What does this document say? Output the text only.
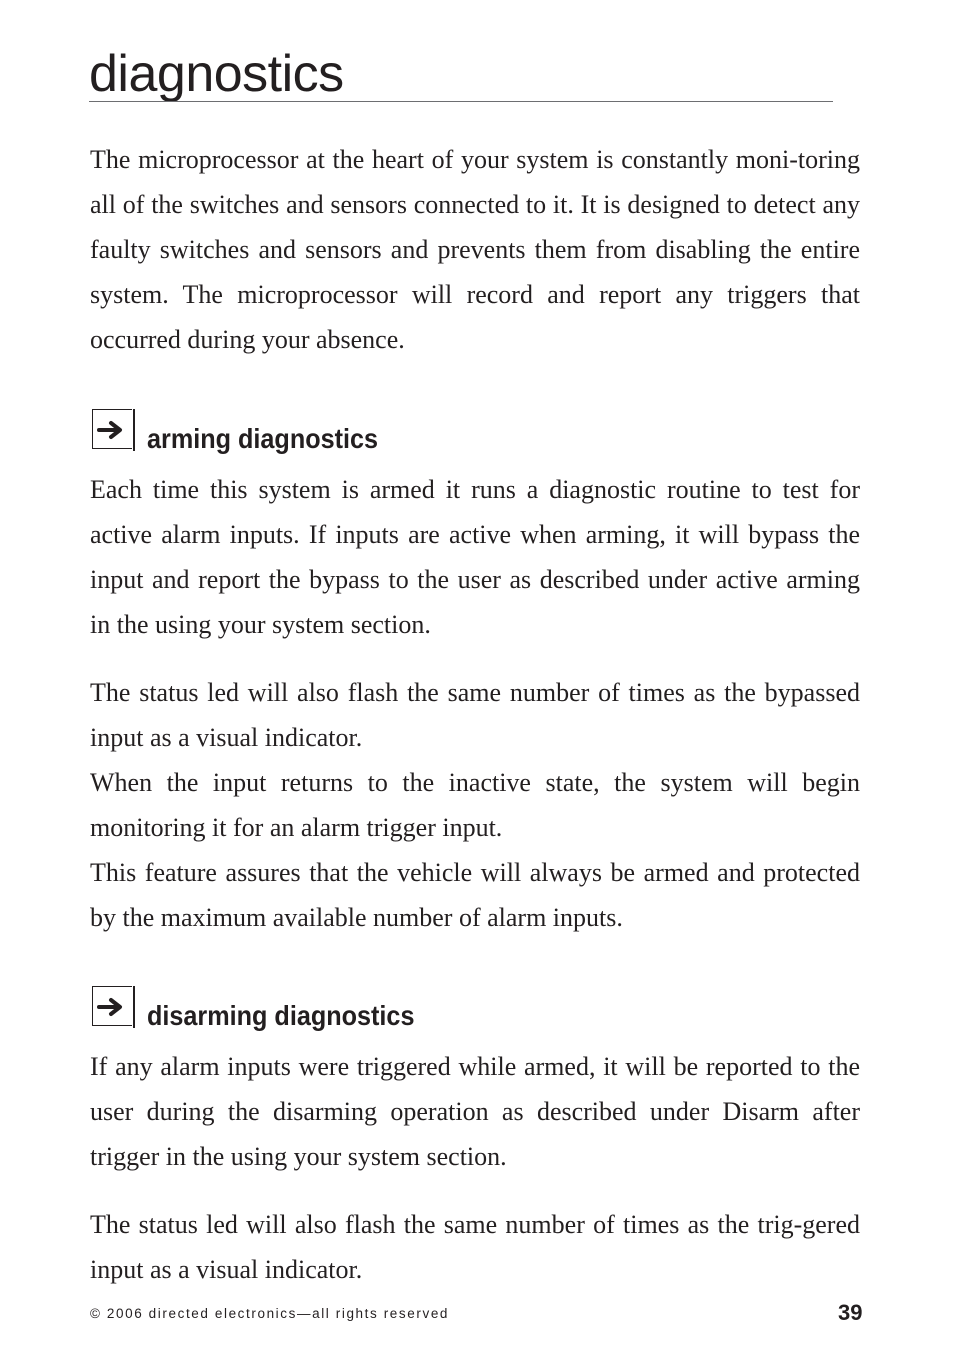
diagnostics

The microprocessor at the heart of your system is constantly moni-toring all of the switches and sensors connected to it. It is designed to detect any faulty switches and sensors and prevents them from disabling the entire system. The microprocessor will record and report any triggers that occurred during your absence.

arming diagnostics

Each time this system is armed it runs a diagnostic routine to test for active alarm inputs. If inputs are active when arming, it will bypass the input and report the bypass to the user as described under active arming in the using your system section.

The status led will also flash the same number of times as the bypassed input as a visual indicator.

When the input returns to the inactive state, the system will begin monitoring it for an alarm trigger input.

This feature assures that the vehicle will always be armed and protected by the maximum available number of alarm inputs.

disarming diagnostics

If any alarm inputs were triggered while armed, it will be reported to the user during the disarming operation as described under Disarm after trigger in the using your system section.

The status led will also flash the same number of times as the trig-gered input as a visual indicator.

© 2006 directed electronics—all rights reserved	39
